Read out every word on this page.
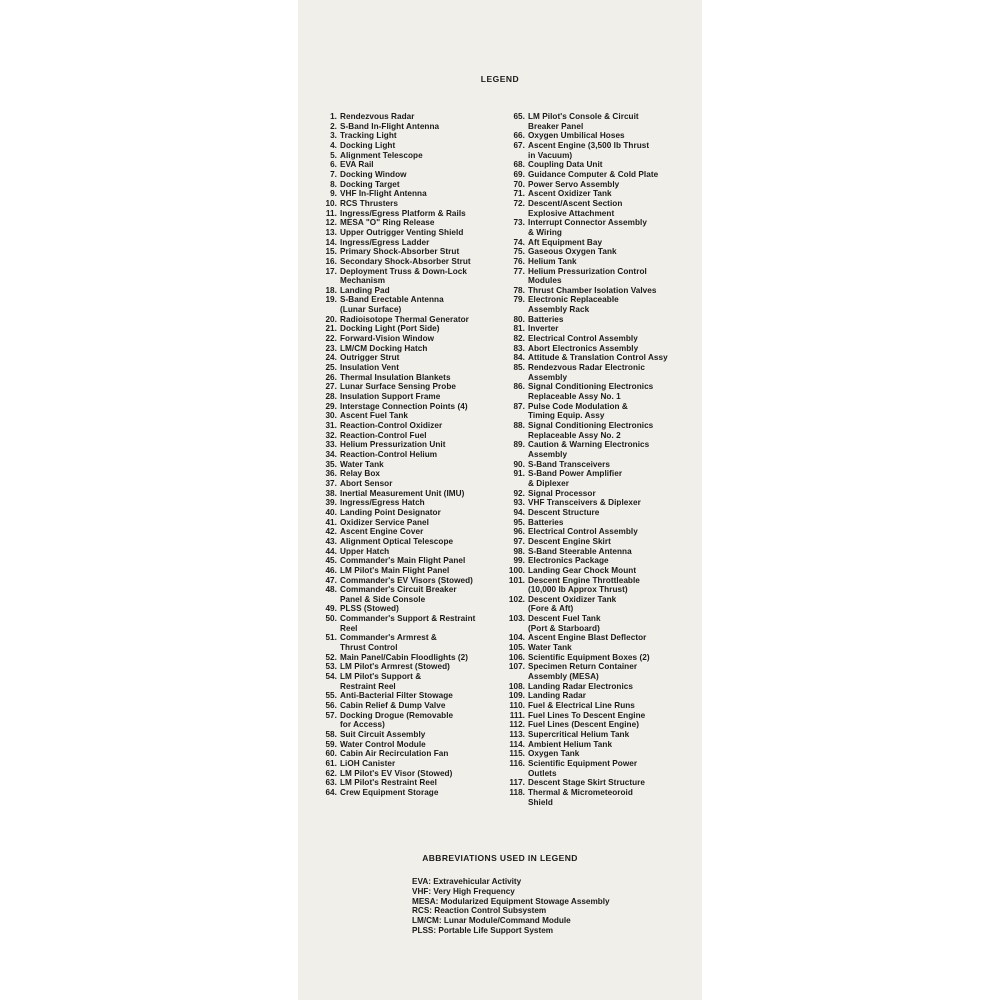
LEGEND
1. Rendezvous Radar
2. S-Band In-Flight Antenna
3. Tracking Light
4. Docking Light
5. Alignment Telescope
6. EVA Rail
7. Docking Window
8. Docking Target
9. VHF In-Flight Antenna
10. RCS Thrusters
11. Ingress/Egress Platform & Rails
12. MESA "O" Ring Release
13. Upper Outrigger Venting Shield
14. Ingress/Egress Ladder
15. Primary Shock-Absorber Strut
16. Secondary Shock-Absorber Strut
17. Deployment Truss & Down-Lock
Mechanism
18. Landing Pad
19. S-Band Erectable Antenna
(Lunar Surface)
20. Radioisotope Thermal Generator
21. Docking Light (Port Side)
22. Forward-Vision Window
23. LM/CM Docking Hatch
24. Outrigger Strut
25. Insulation Vent
26. Thermal Insulation Blankets
27. Lunar Surface Sensing Probe
28. Insulation Support Frame
29. Interstage Connection Points (4)
30. Ascent Fuel Tank
31. Reaction-Control Oxidizer
32. Reaction-Control Fuel
33. Helium Pressurization Unit
34. Reaction-Control Helium
35. Water Tank
36. Relay Box
37. Abort Sensor
38. Inertial Measurement Unit (IMU)
39. Ingress/Egress Hatch
40. Landing Point Designator
41. Oxidizer Service Panel
42. Ascent Engine Cover
43. Alignment Optical Telescope
44. Upper Hatch
45. Commander's Main Flight Panel
46. LM Pilot's Main Flight Panel
47. Commander's EV Visors (Stowed)
48. Commander's Circuit Breaker
Panel & Side Console
49. PLSS (Stowed)
50. Commander's Support & Restraint
Reel
51. Commander's Armrest &
Thrust Control
52. Main Panel/Cabin Floodlights (2)
53. LM Pilot's Armrest (Stowed)
54. LM Pilot's Support &
Restraint Reel
55. Anti-Bacterial Filter Stowage
56. Cabin Relief & Dump Valve
57. Docking Drogue (Removable
for Access)
58. Suit Circuit Assembly
59. Water Control Module
60. Cabin Air Recirculation Fan
61. LiOH Canister
62. LM Pilot's EV Visor (Stowed)
63. LM Pilot's Restraint Reel
64. Crew Equipment Storage
65. LM Pilot's Console & Circuit
Breaker Panel
66. Oxygen Umbilical Hoses
67. Ascent Engine (3,500 lb Thrust
in Vacuum)
68. Coupling Data Unit
69. Guidance Computer & Cold Plate
70. Power Servo Assembly
71. Ascent Oxidizer Tank
72. Descent/Ascent Section
Explosive Attachment
73. Interrupt Connector Assembly
& Wiring
74. Aft Equipment Bay
75. Gaseous Oxygen Tank
76. Helium Tank
77. Helium Pressurization Control
Modules
78. Thrust Chamber Isolation Valves
79. Electronic Replaceable
Assembly Rack
80. Batteries
81. Inverter
82. Electrical Control Assembly
83. Abort Electronics Assembly
84. Attitude & Translation Control Assy
85. Rendezvous Radar Electronic
Assembly
86. Signal Conditioning Electronics
Replaceable Assy No. 1
87. Pulse Code Modulation &
Timing Equip. Assy
88. Signal Conditioning Electronics
Replaceable Assy No. 2
89. Caution & Warning Electronics
Assembly
90. S-Band Transceivers
91. S-Band Power Amplifier
& Diplexer
92. Signal Processor
93. VHF Transceivers & Diplexer
94. Descent Structure
95. Batteries
96. Electrical Control Assembly
97. Descent Engine Skirt
98. S-Band Steerable Antenna
99. Electronics Package
100. Landing Gear Chock Mount
101. Descent Engine Throttleable
(10,000 lb Approx Thrust)
102. Descent Oxidizer Tank
(Fore & Aft)
103. Descent Fuel Tank
(Port & Starboard)
104. Ascent Engine Blast Deflector
105. Water Tank
106. Scientific Equipment Boxes (2)
107. Specimen Return Container
Assembly (MESA)
108. Landing Radar Electronics
109. Landing Radar
110. Fuel & Electrical Line Runs
111. Fuel Lines To Descent Engine
112. Fuel Lines (Descent Engine)
113. Supercritical Helium Tank
114. Ambient Helium Tank
115. Oxygen Tank
116. Scientific Equipment Power
Outlets
117. Descent Stage Skirt Structure
118. Thermal & Micrometeoroid
Shield
ABBREVIATIONS USED IN LEGEND
EVA: Extravehicular Activity
VHF: Very High Frequency
MESA: Modularized Equipment Stowage Assembly
RCS: Reaction Control Subsystem
LM/CM: Lunar Module/Command Module
PLSS: Portable Life Support System
